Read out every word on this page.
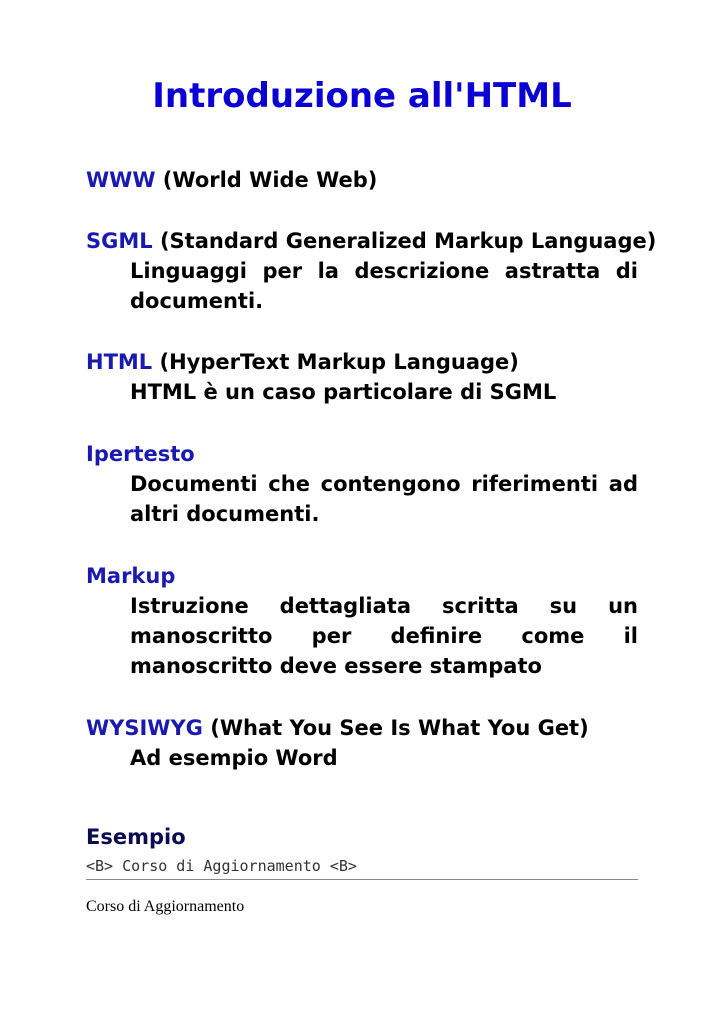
Introduzione all'HTML
WWW (World Wide Web)
SGML (Standard Generalized Markup Language)
Linguaggi per la descrizione astratta di documenti.
HTML (HyperText Markup Language)
HTML è un caso particolare di SGML
Ipertesto
Documenti che contengono riferimenti ad altri documenti.
Markup
Istruzione dettagliata scritta su un manoscritto per definire come il manoscritto deve essere stampato
WYSIWYG (What You See Is What You Get)
Ad esempio Word
Esempio
<B> Corso di Aggiornamento <B>
Corso di Aggiornamento
